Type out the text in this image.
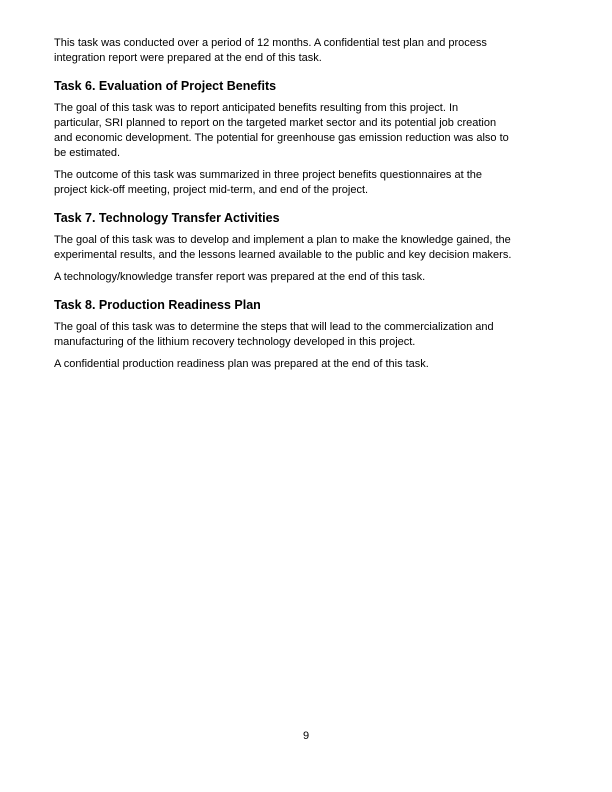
This task was conducted over a period of 12 months. A confidential test plan and process
integration report were prepared at the end of this task.

Task 6. Evaluation of Project Benefits

The goal of this task was to report anticipated benefits resulting from this project. In
particular, SRI planned to report on the targeted market sector and its potential job creation
and economic development. The potential for greenhouse gas emission reduction was also to
be estimated.

The outcome of this task was summarized in three project benefits questionnaires at the
project kick-off meeting, project mid-term, and end of the project.

Task 7. Technology Transfer Activities

The goal of this task was to develop and implement a plan to make the knowledge gained, the
experimental results, and the lessons learned available to the public and key decision makers.

A technology/knowledge transfer report was prepared at the end of this task.

Task 8. Production Readiness Plan

The goal of this task was to determine the steps that will lead to the commercialization and
manufacturing of the lithium recovery technology developed in this project.

A confidential production readiness plan was prepared at the end of this task.

9
